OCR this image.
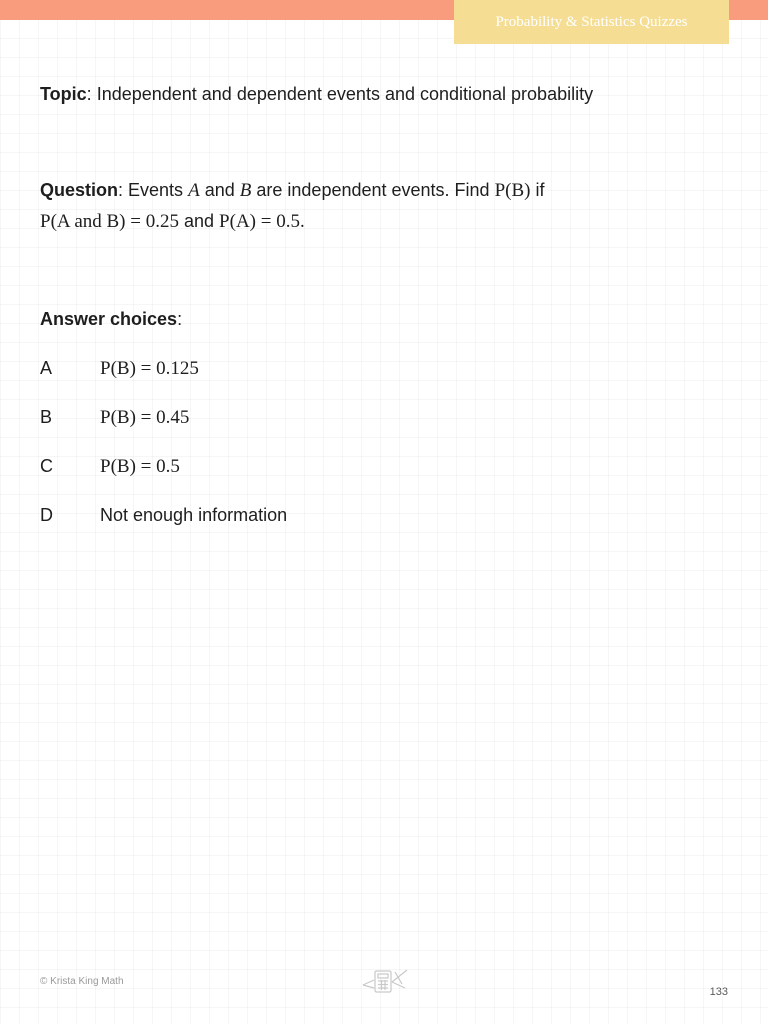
Probability & Statistics Quizzes
Topic: Independent and dependent events and conditional probability
Question: Events A and B are independent events. Find P(B) if
P(A and B) = 0.25 and P(A) = 0.5.
Answer choices:
A	P(B) = 0.125
B	P(B) = 0.45
C P(B) = 0.5
D	Not enough information
© Krista King Math
133
